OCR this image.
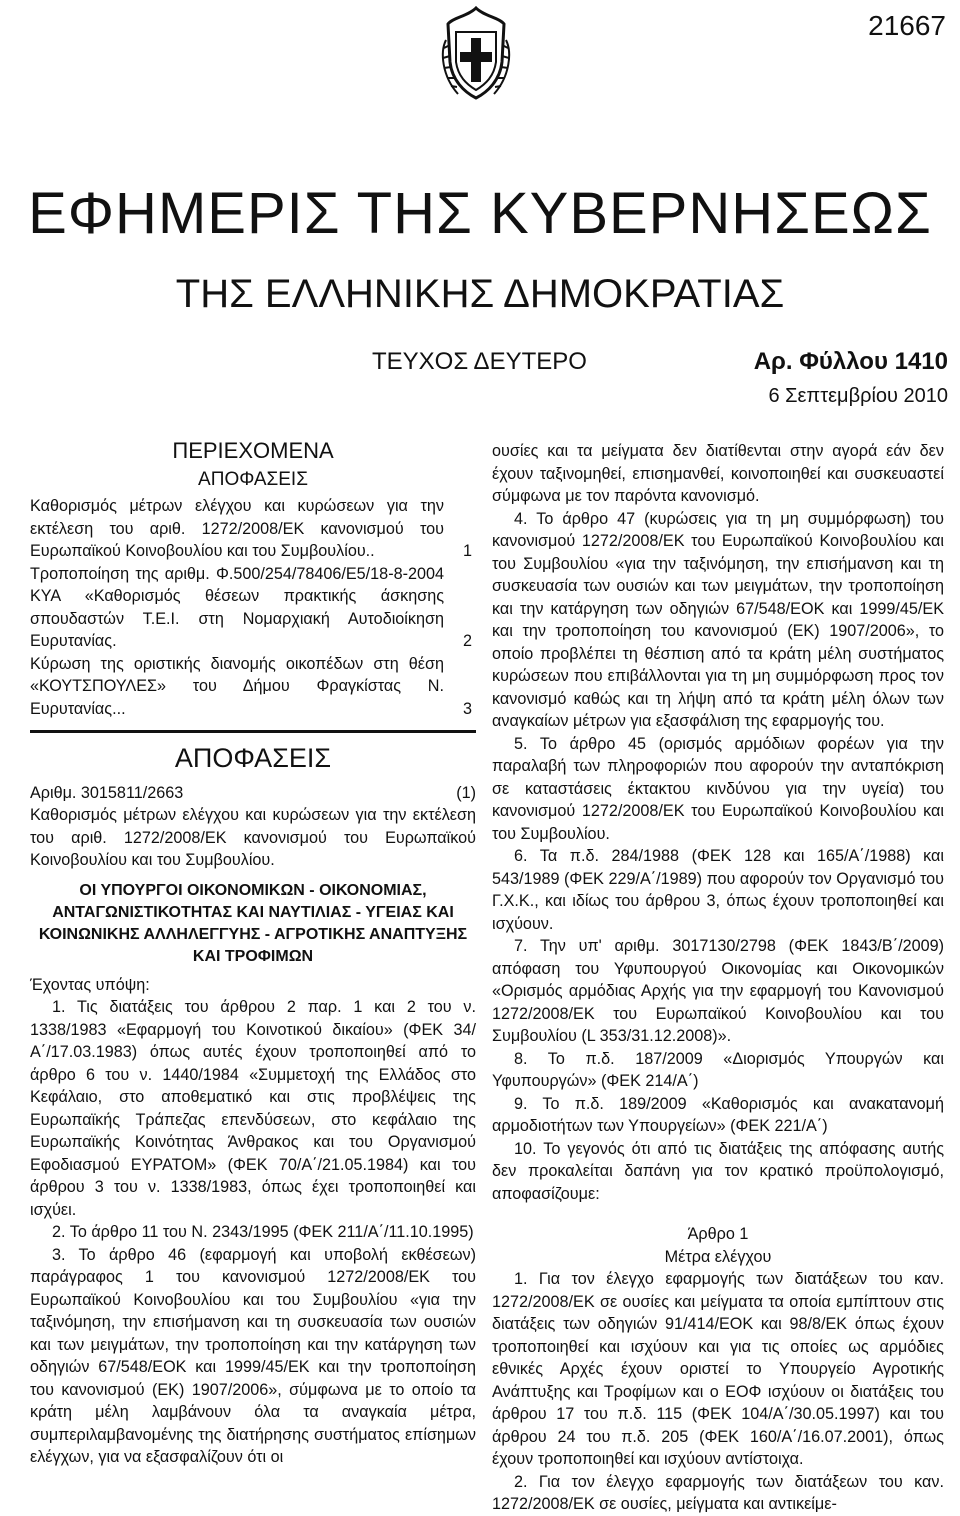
21667
ΕΦΗΜΕΡΙΣ ΤΗΣ ΚΥΒΕΡΝΗΣΕΩΣ
ΤΗΣ ΕΛΛΗΝΙΚΗΣ ΔΗΜΟΚΡΑΤΙΑΣ
ΤΕΥΧΟΣ ΔΕΥΤΕΡΟ	Αρ. Φύλλου 1410
6 Σεπτεμβρίου 2010
ΠΕΡΙΕΧΟΜΕΝΑ
ΑΠΟΦΑΣΕΙΣ
Καθορισμός μέτρων ελέγχου και κυρώσεων για την εκτέλεση του αριθ. 1272/2008/ΕΚ κανονισμού του Ευρωπαϊκού Κοινοβουλίου και του Συμβουλίου..	1
Τροποποίηση της αριθμ. Φ.500/254/78406/Ε5/18-8-2004 ΚΥΑ «Καθορισμός θέσεων πρακτικής άσκησης σπουδαστών Τ.Ε.Ι. στη Νομαρχιακή Αυτοδιοίκηση Ευρυτανίας.	2
Κύρωση της οριστικής διανομής οικοπέδων στη θέση «ΚΟΥΤΣΠΟΥΛΕΣ» του Δήμου Φραγκίστας Ν. Ευρυτανίας...	3
ΑΠΟΦΑΣΕΙΣ
Αριθμ. 3015811/2663	(1)

Καθορισμός μέτρων ελέγχου και κυρώσεων για την εκτέλεση του αριθ. 1272/2008/ΕΚ κανονισμού του Ευρωπαϊκού Κοινοβουλίου και του Συμβουλίου.

ΟΙ ΥΠΟΥΡΓΟΙ ΟΙΚΟΝΟΜΙΚΩΝ - ΟΙΚΟΝΟΜΙΑΣ, ΑΝΤΑΓΩΝΙΣΤΙΚΟΤΗΤΑΣ ΚΑΙ ΝΑΥΤΙΛΙΑΣ - ΥΓΕΙΑΣ ΚΑΙ ΚΟΙΝΩΝΙΚΗΣ ΑΛΛΗΛΕΓΓΥΗΣ - ΑΓΡΟΤΙΚΗΣ ΑΝΑΠΤΥΞΗΣ ΚΑΙ ΤΡΟΦΙΜΩΝ

Έχοντας υπόψη:

1. Τις διατάξεις του άρθρου 2 παρ. 1 και 2 του ν. 1338/1983 «Εφαρμογή του Κοινοτικού δικαίου» (ΦΕΚ 34/Α΄/17.03.1983) όπως αυτές έχουν τροποποιηθεί από το άρθρο 6 του ν. 1440/1984 «Συμμετοχή της Ελλάδος στο Κεφάλαιο, στο αποθεματικό και στις προβλέψεις της Ευρωπαϊκής Τράπεζας επενδύσεων, στο κεφάλαιο της Ευρωπαϊκής Κοινότητας Άνθρακος και του Οργανισμού Εφοδιασμού ΕΥΡΑΤΟΜ» (ΦΕΚ 70/Α΄/21.05.1984) και του άρθρου 3 του ν. 1338/1983, όπως έχει τροποποιηθεί και ισχύει.

2. Το άρθρο 11 του Ν. 2343/1995 (ΦΕΚ 211/Α΄/11.10.1995)

3. Το άρθρο 46 (εφαρμογή και υποβολή εκθέσεων) παράγραφος 1 του κανονισμού 1272/2008/ΕΚ του Ευρωπαϊκού Κοινοβουλίου και του Συμβουλίου «για την ταξινόμηση, την επισήμανση και τη συσκευασία των ουσιών και των μειγμάτων, την τροποποίηση και την κατάργηση των οδηγιών 67/548/ΕΟΚ και 1999/45/ΕΚ και την τροποποίηση του κανονισμού (ΕΚ) 1907/2006», σύμφωνα με το οποίο τα κράτη μέλη λαμβάνουν όλα τα αναγκαία μέτρα, συμπεριλαμβανομένης της διατήρησης συστήματος επίσημων ελέγχων, για να εξασφαλίζουν ότι οι

ουσίες και τα μείγματα δεν διατίθενται στην αγορά εάν δεν έχουν ταξινομηθεί, επισημανθεί, κοινοποιηθεί και συσκευαστεί σύμφωνα με τον παρόντα κανονισμό.

4. Το άρθρο 47 (κυρώσεις για τη μη συμμόρφωση) του κανονισμού 1272/2008/ΕΚ του Ευρωπαϊκού Κοινοβουλίου και του Συμβουλίου «για την ταξινόμηση, την επισήμανση και τη συσκευασία των ουσιών και των μειγμάτων, την τροποποίηση και την κατάργηση των οδηγιών 67/548/ΕΟΚ και 1999/45/ΕΚ και την τροποποίηση του κανονισμού (ΕΚ) 1907/2006», το οποίο προβλέπει τη θέσπιση από τα κράτη μέλη συστήματος κυρώσεων που επιβάλλονται για τη μη συμμόρφωση προς τον κανονισμό καθώς και τη λήψη από τα κράτη μέλη όλων των αναγκαίων μέτρων για εξασφάλιση της εφαρμογής του.

5. Το άρθρο 45 (ορισμός αρμόδιων φορέων για την παραλαβή των πληροφοριών που αφορούν την ανταπόκριση σε καταστάσεις έκτακτου κινδύνου για την υγεία) του κανονισμού 1272/2008/ΕΚ του Ευρωπαϊκού Κοινοβουλίου και του Συμβουλίου.

6. Τα π.δ. 284/1988 (ΦΕΚ 128 και 165/Α΄/1988) και 543/1989 (ΦΕΚ 229/Α΄/1989) που αφορούν τον Οργανισμό του Γ.Χ.Κ., και ιδίως του άρθρου 3, όπως έχουν τροποποιηθεί και ισχύουν.

7. Την υπ' αριθμ. 3017130/2798 (ΦΕΚ 1843/Β΄/2009) απόφαση του Υφυπουργού Οικονομίας και Οικονομικών «Ορισμός αρμόδιας Αρχής για την εφαρμογή του Κανονισμού 1272/2008/ΕΚ του Ευρωπαϊκού Κοινοβουλίου και του Συμβουλίου (L 353/31.12.2008)».

8. Το π.δ. 187/2009 «Διορισμός Υπουργών και Υφυπουργών» (ΦΕΚ 214/Α΄)

9. Το π.δ. 189/2009 «Καθορισμός και ανακατανομή αρμοδιοτήτων των Υπουργείων» (ΦΕΚ 221/Α΄)

10. Το γεγονός ότι από τις διατάξεις της απόφασης αυτής δεν προκαλείται δαπάνη για τον κρατικό προϋπολογισμό, αποφασίζουμε:

Άρθρο 1

Μέτρα ελέγχου

1. Για τον έλεγχο εφαρμογής των διατάξεων του καν. 1272/2008/ΕΚ σε ουσίες και μείγματα τα οποία εμπίπτουν στις διατάξεις των οδηγιών 91/414/ΕΟΚ και 98/8/ΕΚ όπως έχουν τροποποιηθεί και ισχύουν και για τις οποίες ως αρμόδιες εθνικές Αρχές έχουν οριστεί το Υπουργείο Αγροτικής Ανάπτυξης και Τροφίμων και ο ΕΟΦ ισχύουν οι διατάξεις του άρθρου 17 του π.δ. 115 (ΦΕΚ 104/Α΄/30.05.1997) και του άρθρου 24 του π.δ. 205 (ΦΕΚ 160/Α΄/16.07.2001), όπως έχουν τροποποιηθεί και ισχύουν αντίστοιχα.

2. Για τον έλεγχο εφαρμογής των διατάξεων του καν. 1272/2008/ΕΚ σε ουσίες, μείγματα και αντικείμε-
